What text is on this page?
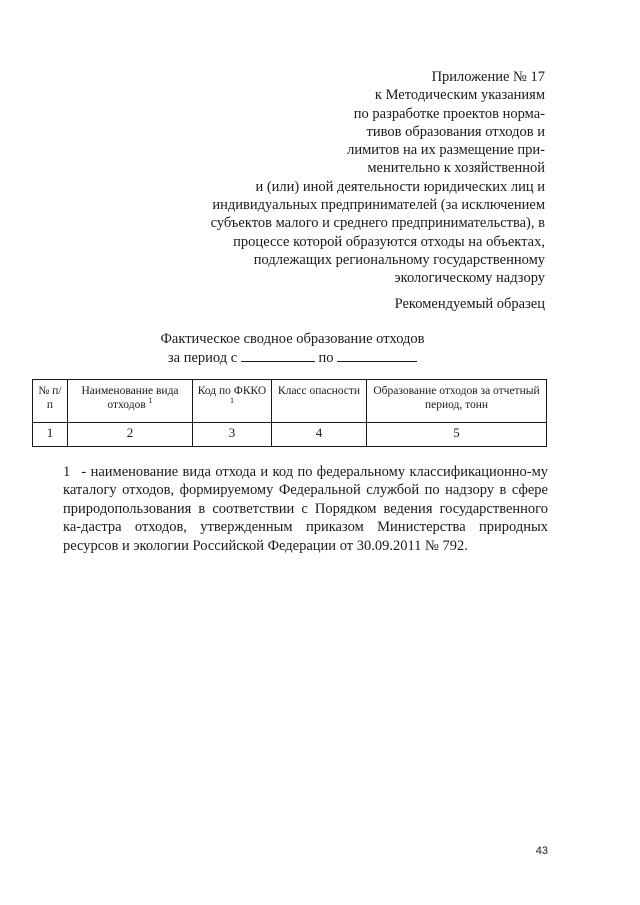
Приложение № 17
к Методическим указаниям
по разработке проектов норма-
тивов образования отходов и
лимитов на их размещение при-
менительно к хозяйственной
и (или) иной деятельности юридических лиц и
индивидуальных предпринимателей (за исключением
субъектов малого и среднего предпринимательства), в
процессе которой образуются отходы на объектах,
подлежащих региональному государственному
экологическому надзору
Рекомендуемый образец
Фактическое сводное образование отходов
за период с	по
№ п/п	Наименование вида отходов $^1$	Код по ФККО $^1$	Класс опасности	Образование отходов за отчетный период, тонн
1	2	3	4	5
1 - наименование вида отхода и код по федеральному классификационно-му каталогу отходов, формируемому Федеральной службой по надзору в сфере природопользования в соответствии с Порядком ведения государственного ка-дастра отходов, утвержденным приказом Министерства природных ресурсов и экологии Российской Федерации от 30.09.2011 № 792.
43
